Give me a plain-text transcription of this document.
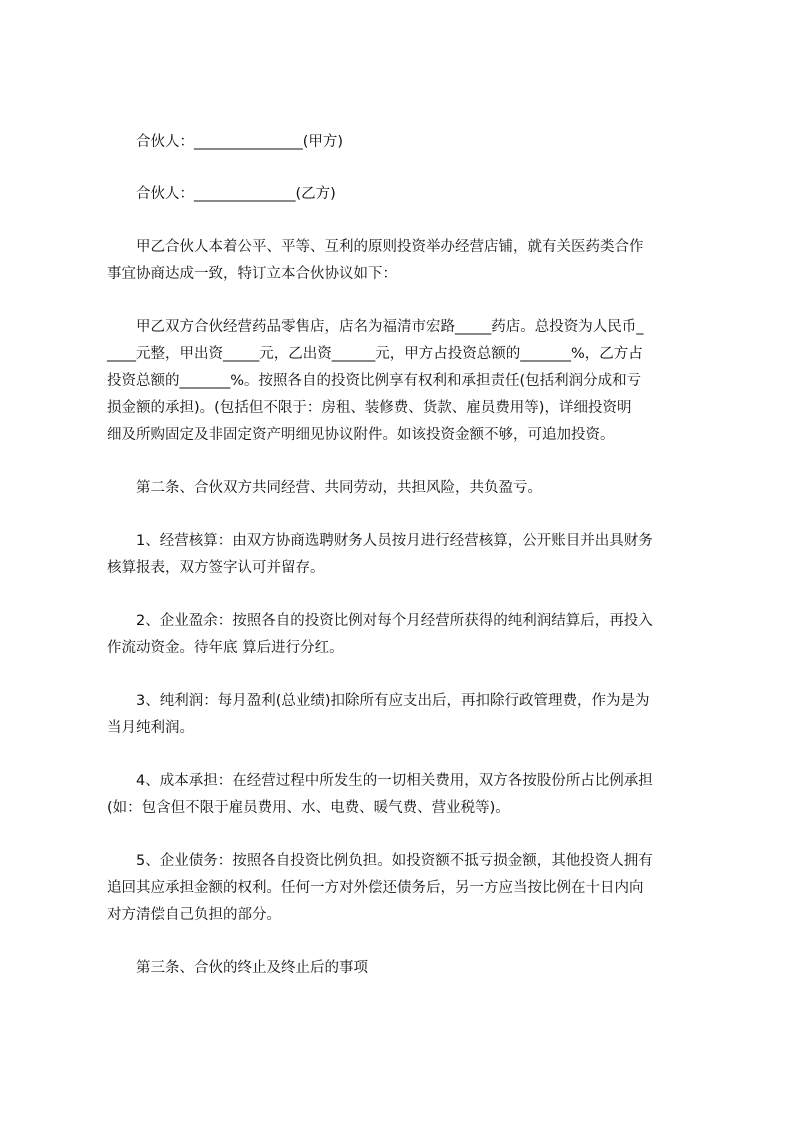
合伙人：_______________(甲方)
合伙人：______________(乙方)
甲乙合伙人本着公平、平等、互利的原则投资举办经营店铺，就有关医药类合作
事宜协商达成一致，特订立本合伙协议如下：
甲乙双方合伙经营药品零售店，店名为福清市宏路_____药店。总投资为人民币_
____元整，甲出资_____元，乙出资______元，甲方占投资总额的_______%，乙方占
投资总额的_______%。按照各自的投资比例享有权利和承担责任(包括利润分成和亏
损金额的承担)。(包括但不限于：房租、装修费、货款、雇员费用等)，详细投资明
细及所购固定及非固定资产明细见协议附件。如该投资金额不够，可追加投资。
第二条、合伙双方共同经营、共同劳动，共担风险，共负盈亏。
1、经营核算：由双方协商选聘财务人员按月进行经营核算，公开账目并出具财务
核算报表，双方签字认可并留存。
2、企业盈余：按照各自的投资比例对每个月经营所获得的纯利润结算后，再投入
作流动资金。待年底 算后进行分红。
3、纯利润：每月盈利(总业绩)扣除所有应支出后，再扣除行政管理费，作为是为
当月纯利润。
4、成本承担：在经营过程中所发生的一切相关费用，双方各按股份所占比例承担
(如：包含但不限于雇员费用、水、电费、暖气费、营业税等)。
5、企业债务：按照各自投资比例负担。如投资额不抵亏损金额，其他投资人拥有
追回其应承担金额的权利。任何一方对外偿还债务后，另一方应当按比例在十日内向
对方清偿自己负担的部分。
第三条、合伙的终止及终止后的事项
